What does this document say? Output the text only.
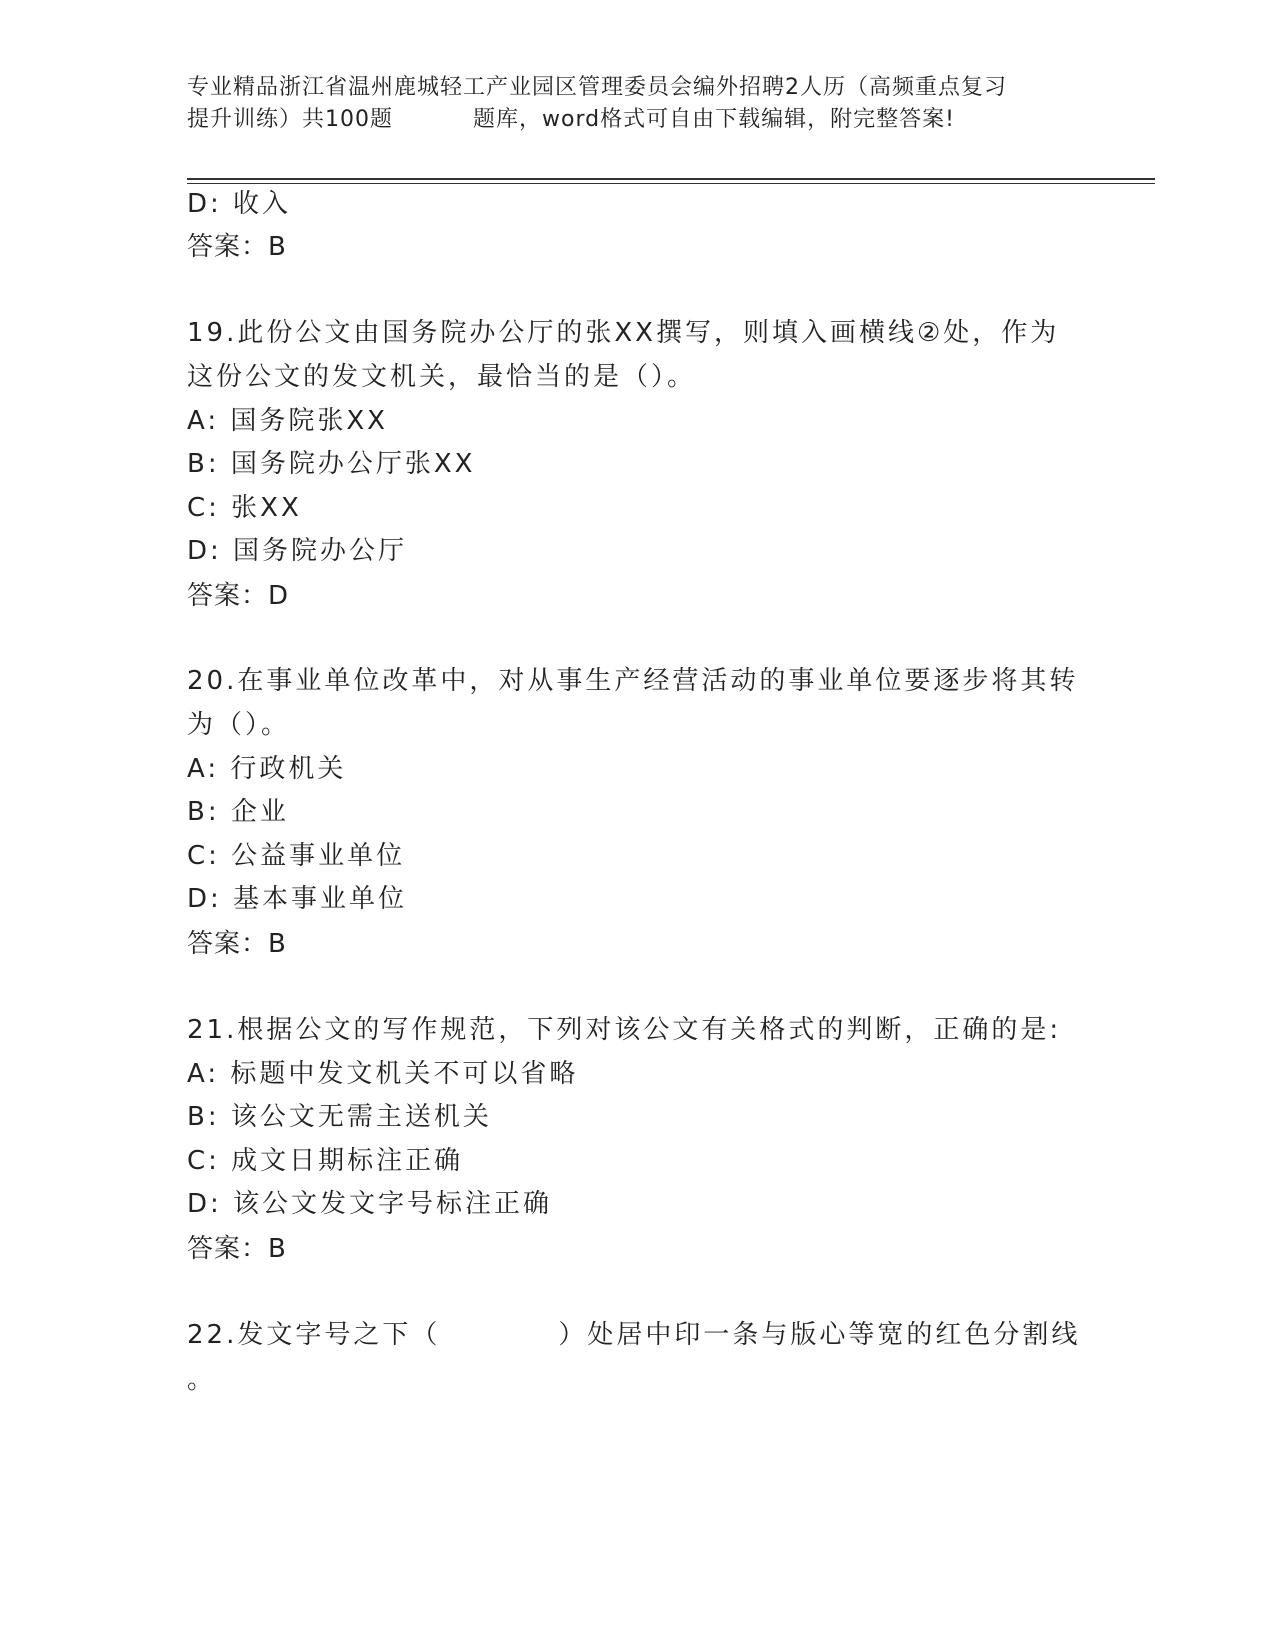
专业精品浙江省温州鹿城轻工产业园区管理委员会编外招聘2人历（高频重点复习
提升训练）共100题	题库，word格式可自由下载编辑，附完整答案!
D: 收入
答案：B
19.此份公文由国务院办公厅的张XX撰写，则填入画横线②处，作为
这份公文的发文机关，最恰当的是（）。
A: 国务院张XX
B: 国务院办公厅张XX
C: 张XX
D: 国务院办公厅
答案：D
20.在事业单位改革中，对从事生产经营活动的事业单位要逐步将其转
为（）。
A: 行政机关
B: 企业
C: 公益事业单位
D: 基本事业单位
答案：B
21.根据公文的写作规范，下列对该公文有关格式的判断，正确的是:
A: 标题中发文机关不可以省略
B: 该公文无需主送机关
C: 成文日期标注正确
D: 该公文发文字号标注正确
答案：B
22.发文字号之下（	）处居中印一条与版心等宽的红色分割线
。
